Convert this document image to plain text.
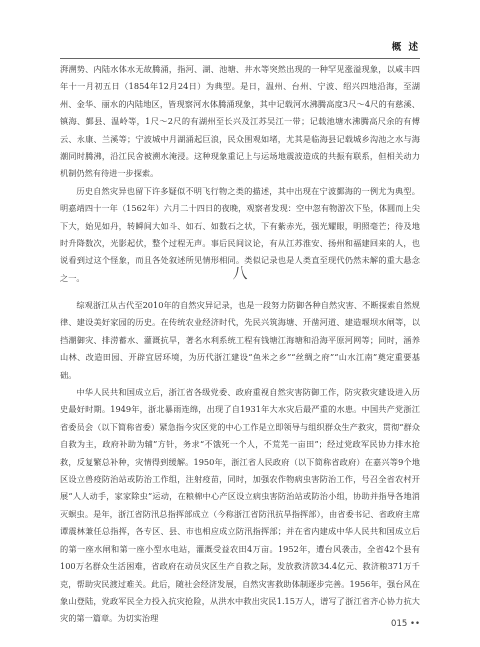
概 述

湃溯势、内陆水体水无故腾涌，指河、湖、池塘、井水等突然出现的一种罕见涨溢现象，以咸丰四年十一月初五日（1854年12月24日）为典型。是日，温州、台州、宁波、绍兴四地沿海，至湖州、金华、丽水的内陆地区，皆现察河水体腾涌现象，其中记载河水沸腾高度3尺～4尺的有慈溪、镇海、鄞县、温岭等，1尺～2尺的有湖州至长兴及江苏吴江一带；记载池塘水沸腾高尺余的有傅云、永康、兰溪等；宁波城中月湖涌起巨浪，民众围观如堵，尤其是临海县记载城乡沟池之水与海潮同时腾沸，沿江民舍被溯水淹浸。这种现象重记上与运场地震波造成的共振有联系，但相关动力机制仍然有待进一步探索。

历史自然灾异也留下许多疑似不明飞行物之类的描述，其中出现在宁波鄞海的一例尤为典型。明嘉靖四十一年（1562年）六月二十四日的夜晚，观察者发现：空中忽有物游次下坠，体圆而上尖下大，始见如丹，转瞬间大如斗、如石、如数石之状，下有紫赤光，强光耀眼，明照毫芒；待及地时升降数次，光影起伏，整个过程无声。事后民间议论，有从江苏淮安、扬州和福建回来的人，也说看到过这个怪象，而且各处叙述所见情形相同。类似记录也是人类直至现代仍然未解的重大悬念之一。	八

综观浙江从古代至2010年的自然灾异记录，也是一段努力防御各种自然灾害、不断探索自然规律、建设美好家园的历史。在传统农业经济时代，先民兴筑海塘、开凿河道、建造堰坝水闸等，以挡潮御灾、排涝蓄水、灌溉抗旱，著名水利系统工程有钱塘江海塘和沿海平原河网等；同时，涵养山林、改造田园、开辟宜居环境，为历代浙江建设“鱼米之乡”“丝绸之府”“山水江南”奠定重要基础。

中华人民共和国成立后，浙江省各级党委、政府重视自然灾害防御工作，防灾救灾建设进入历史最好时期。1949年，浙北暴雨连绵，出现了自1931年大水灾后最严重的水患。中国共产党浙江省委员会（以下简称省委）紧急指今灾区党的中心工作是立即领导与组织群众生产救灾，贯彻“群众自救为主，政府补助为辅”方针，务求“不饿死一个人，不荒芜一亩田”；经过党政军民协力排水抢救，反复繁总补种，灾情得到缓解。1950年，浙江省人民政府（以下简称省政府）在嘉兴等9个地区设立兽疫防治站或防治工作组，注射疫苗，同时，加强农作物病虫害防治工作，号召全省农村开展“人人动手，家家除虫”运动，在粮棉中心产区设立病虫害防治站或防治小组，协助并指导各地消灭螟虫。是年，浙江省防汛总指挥部成立（今称浙江省防汛抗旱指挥部），由省委书记、省政府主席谭震林兼任总指挥，各专区、县、市也相应成立防汛指挥部；并在省内建成中华人民共和国成立后的第一座水闸和第一座小型水电站，灌溉受益农田4万亩。1952年，遭台风袭击，全省42个县有100万名群众生活困难，省政府在动员灾区生产自救之际，发放救济款34.4亿元、救济粮371万千克，帮助灾民渡过难关。此后，随社会经济发展，自然灾害救助体制逐步完善。1956年，强台风在象山登陆，党政军民全力投入抗灾抢险，从洪水中救出灾民1.15万人，谱写了浙江省齐心协力抗大灾的第一篇章。为切实治理

015 ••
